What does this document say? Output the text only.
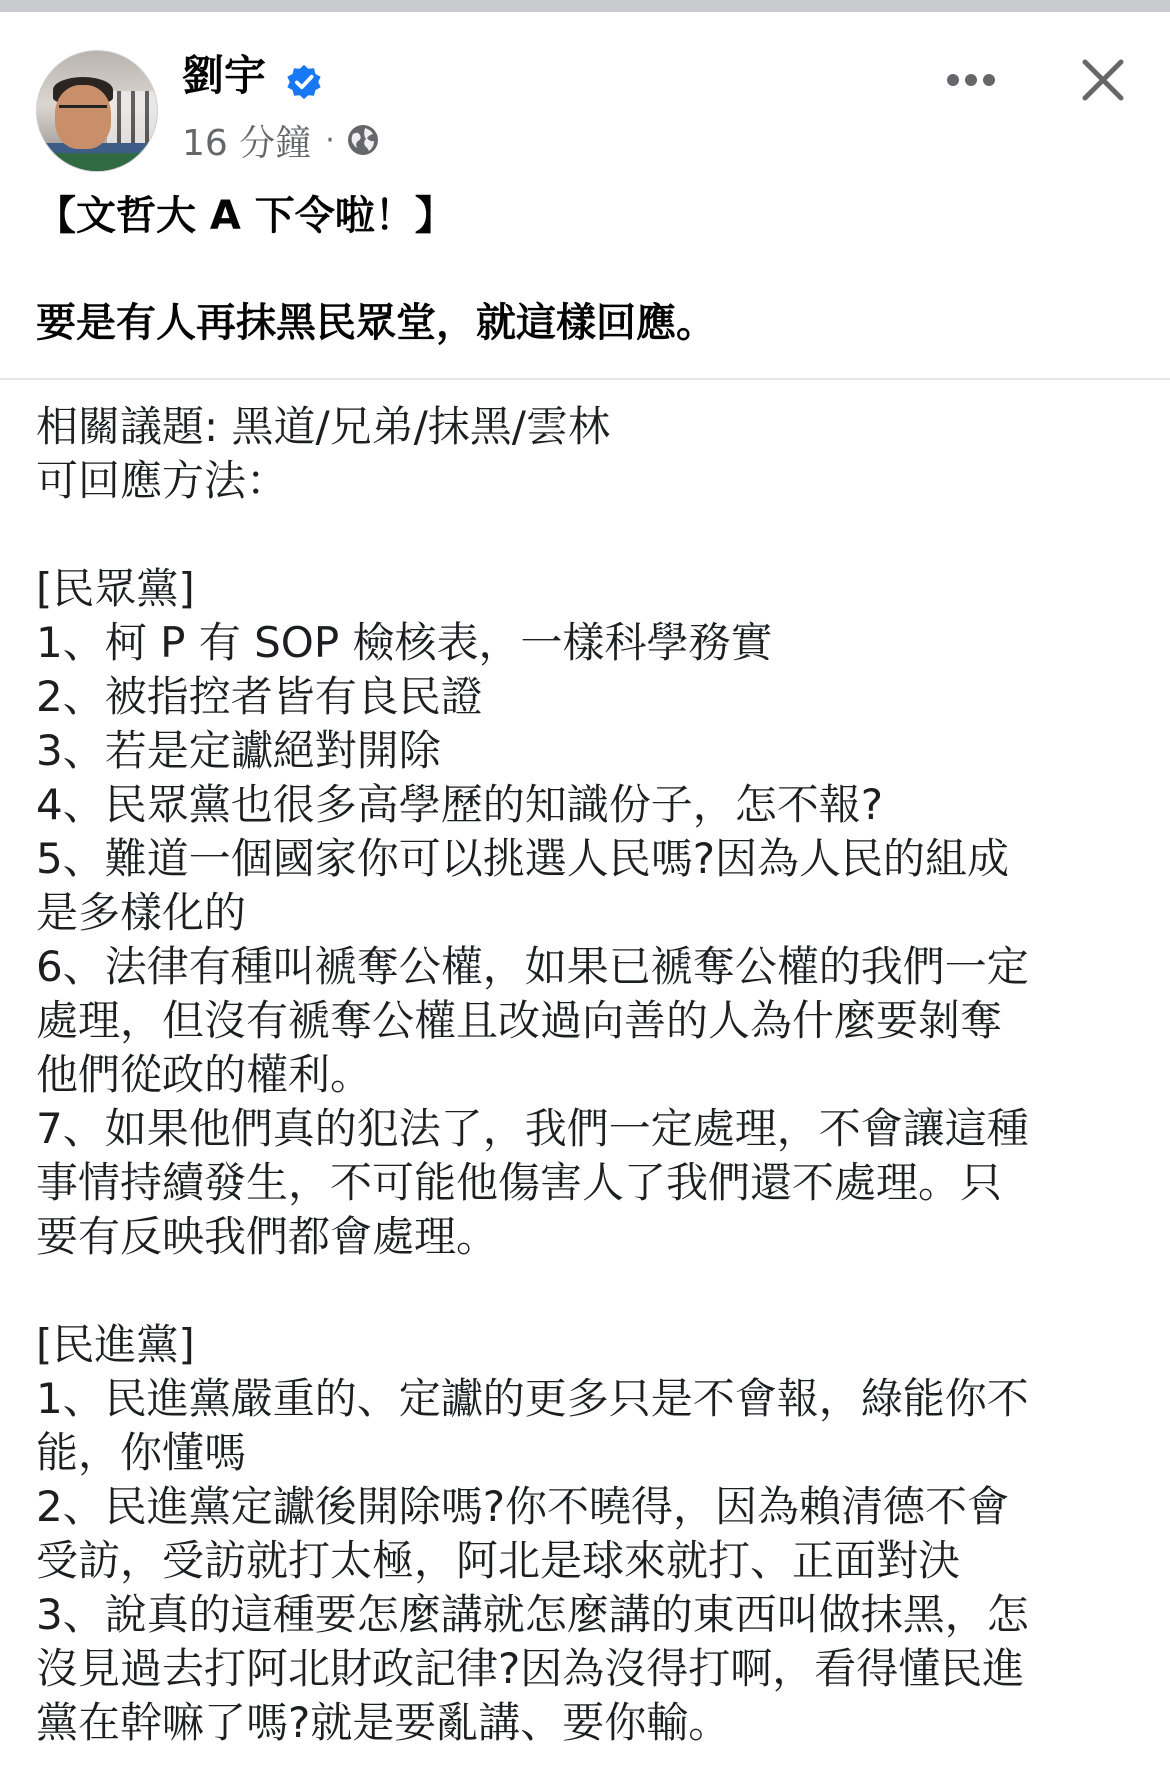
劉宇
16 分鐘 ·
【文哲大 A 下令啦！】
要是有人再抹黑民眾堂，就這樣回應。
相關議題: 黑道/兄弟/抹黑/雲林
可回應方法：
[民眾黨]
1、柯 P 有 SOP 檢核表，一樣科學務實
2、被指控者皆有良民證
3、若是定讞絕對開除
4、民眾黨也很多高學歷的知識份子，怎不報?
5、難道一個國家你可以挑選人民嗎?因為人民的組成
是多樣化的
6、法律有種叫褫奪公權，如果已褫奪公權的我們一定
處理，但沒有褫奪公權且改過向善的人為什麼要剝奪
他們從政的權利。
7、如果他們真的犯法了，我們一定處理，不會讓這種
事情持續發生，不可能他傷害人了我們還不處理。只
要有反映我們都會處理。
[民進黨]
1、民進黨嚴重的、定讞的更多只是不會報，綠能你不
能，你懂嗎
2、民進黨定讞後開除嗎?你不曉得，因為賴清德不會
受訪，受訪就打太極，阿北是球來就打、正面對決
3、說真的這種要怎麼講就怎麼講的東西叫做抹黑，怎
沒見過去打阿北財政記律?因為沒得打啊，看得懂民進
黨在幹嘛了嗎?就是要亂講、要你輸。
